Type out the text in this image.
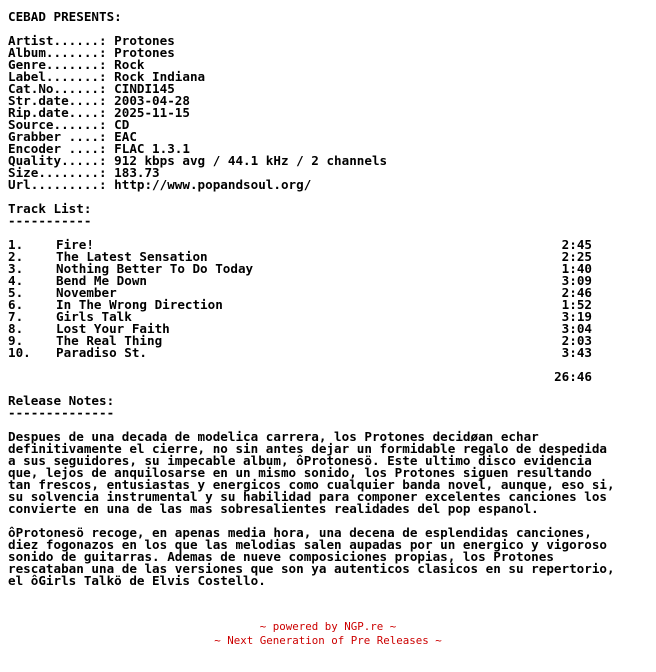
CEBAD PRESENTS:
Artist......: Protones
Album.......: Protones
Genre.......: Rock
Label.......: Rock Indiana
Cat.No......: CINDI145
Str.date....: 2003-04-28
Rip.date....: 2025-11-15
Source......: CD
Grabber ....: EAC
Encoder ....: FLAC 1.3.1
Quality.....: 912 kbps avg / 44.1 kHz / 2 channels
Size........: 183.73
Url.........: http://www.popandsoul.org/
Track List:
-----------
1.	Fire!	2:45
2.	The Latest Sensation	2:25
3.	Nothing Better To Do Today	1:40
4.	Bend Me Down	3:09
5.	November	2:46
6.	In The Wrong Direction	1:52
7.	Girls Talk	3:19
8.	Lost Your Faith	3:04
9.	The Real Thing	2:03
10.	Paradiso St.	3:43
26:46
Release Notes:
--------------
Despues de una decada de modelica carrera, los Protones decidøan echar
definitivamente el cierre, no sin antes dejar un formidable regalo de despedida
a sus seguidores, su impecable album, ôProtonesö. Este ultimo disco evidencia
que, lejos de anquilosarse en un mismo sonido, los Protones siguen resultando
tan frescos, entusiastas y energicos como cualquier banda novel, aunque, eso si,
su solvencia instrumental y su habilidad para componer excelentes canciones los
convierte en una de las mas sobresalientes realidades del pop espanol.
ôProtonesö recoge, en apenas media hora, una decena de esplendidas canciones,
diez fogonazos en los que las melodias salen aupadas por un energico y vigoroso
sonido de guitarras. Ademas de nueve composiciones propias, los Protones
rescataban una de las versiones que son ya autenticos clasicos en su repertorio,
el ôGirls Talkö de Elvis Costello.
~ powered by NGP.re ~
~ Next Generation of Pre Releases ~
